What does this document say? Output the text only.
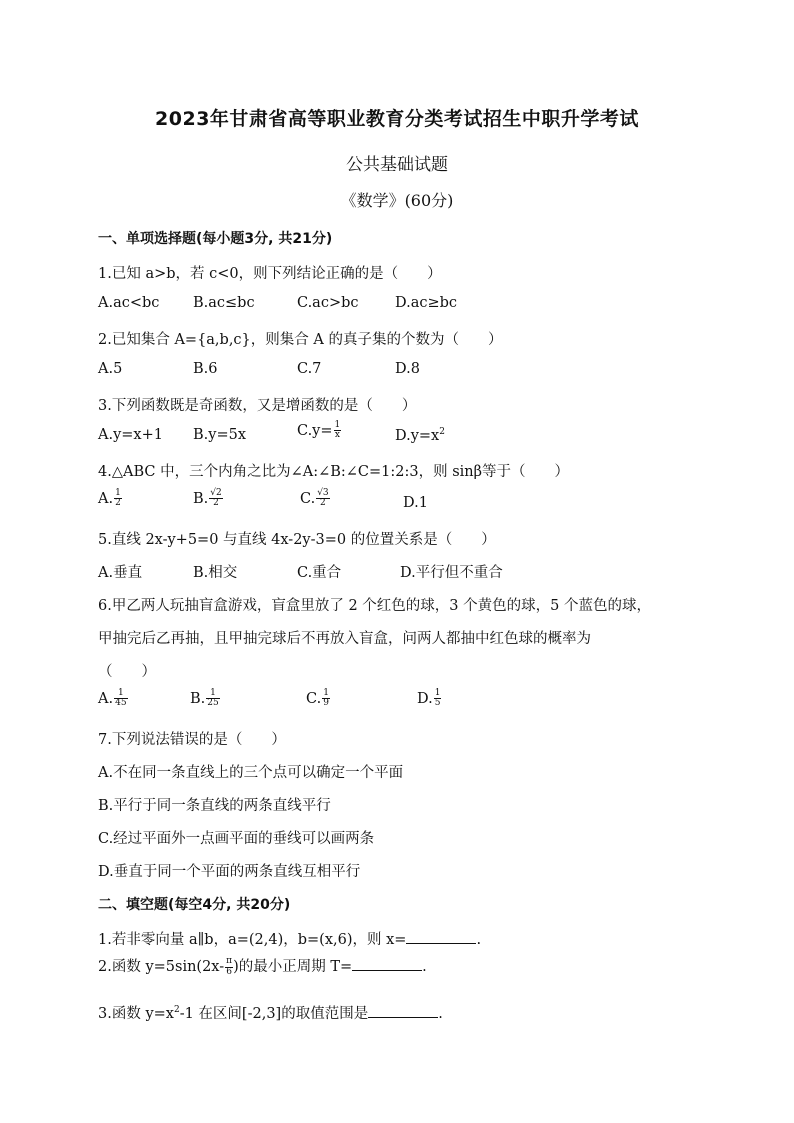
2023年甘肃省高等职业教育分类考试招生中职升学考试
公共基础试题
《数学》(60分)
一、单项选择题(每小题3分, 共21分)
1.已知 a>b，若 c<0，则下列结论正确的是（　　）
A.ac<bc B.ac≤bc	C.ac>bc	D.ac≥bc
2.已知集合 A={a,b,c}，则集合 A 的真子集的个数为（　　）
A.5	B.6	C.7	D.8
3.下列函数既是奇函数，又是增函数的是（　　）
A.y=x+1 B.y=5x	$C.y= \frac{1}{x}$	$D.y=x^2$
4.△ABC 中，三个内角之比为∠A:∠B:∠C=1:2:3，则 sinβ等于（　　）
A. $\frac{1}{2}$	B. $\frac{√2}{2}$	C. $\frac{√3}{2}$	D.1
5.直线 2x-y+5=0 与直线 4x-2y-3=0 的位置关系是（　　）
A.垂直	B.相交	C.重合	D.平行但不重合
6.甲乙两人玩抽盲盒游戏，盲盒里放了 2 个红色的球，3 个黄色的球，5 个蓝色的球，
甲抽完后乙再抽，且甲抽完球后不再放入盲盒，问两人都抽中红色球的概率为
（　　）
A. $\frac{1}{45}$	B. $\frac{1}{25}$	C. $\frac{1}{9}$	D. $\frac{1}{5}$
7.下列说法错误的是（　　）
A.不在同一条直线上的三个点可以确定一个平面
B.平行于同一条直线的两条直线平行
C.经过平面外一点画平面的垂线可以画两条
D.垂直于同一个平面的两条直线互相平行
二、填空题(每空4分, 共20分)
1.若非零向量 a∥b，a=(2,4)，b=(x,6)，则 x=	.
2.函数 $y=5\sin(2x- \frac{\pi}{6}$ )的最小正周期 T=	.
3.函数 $y=x^2-1$ 在区间[-2,3]的取值范围是	.
